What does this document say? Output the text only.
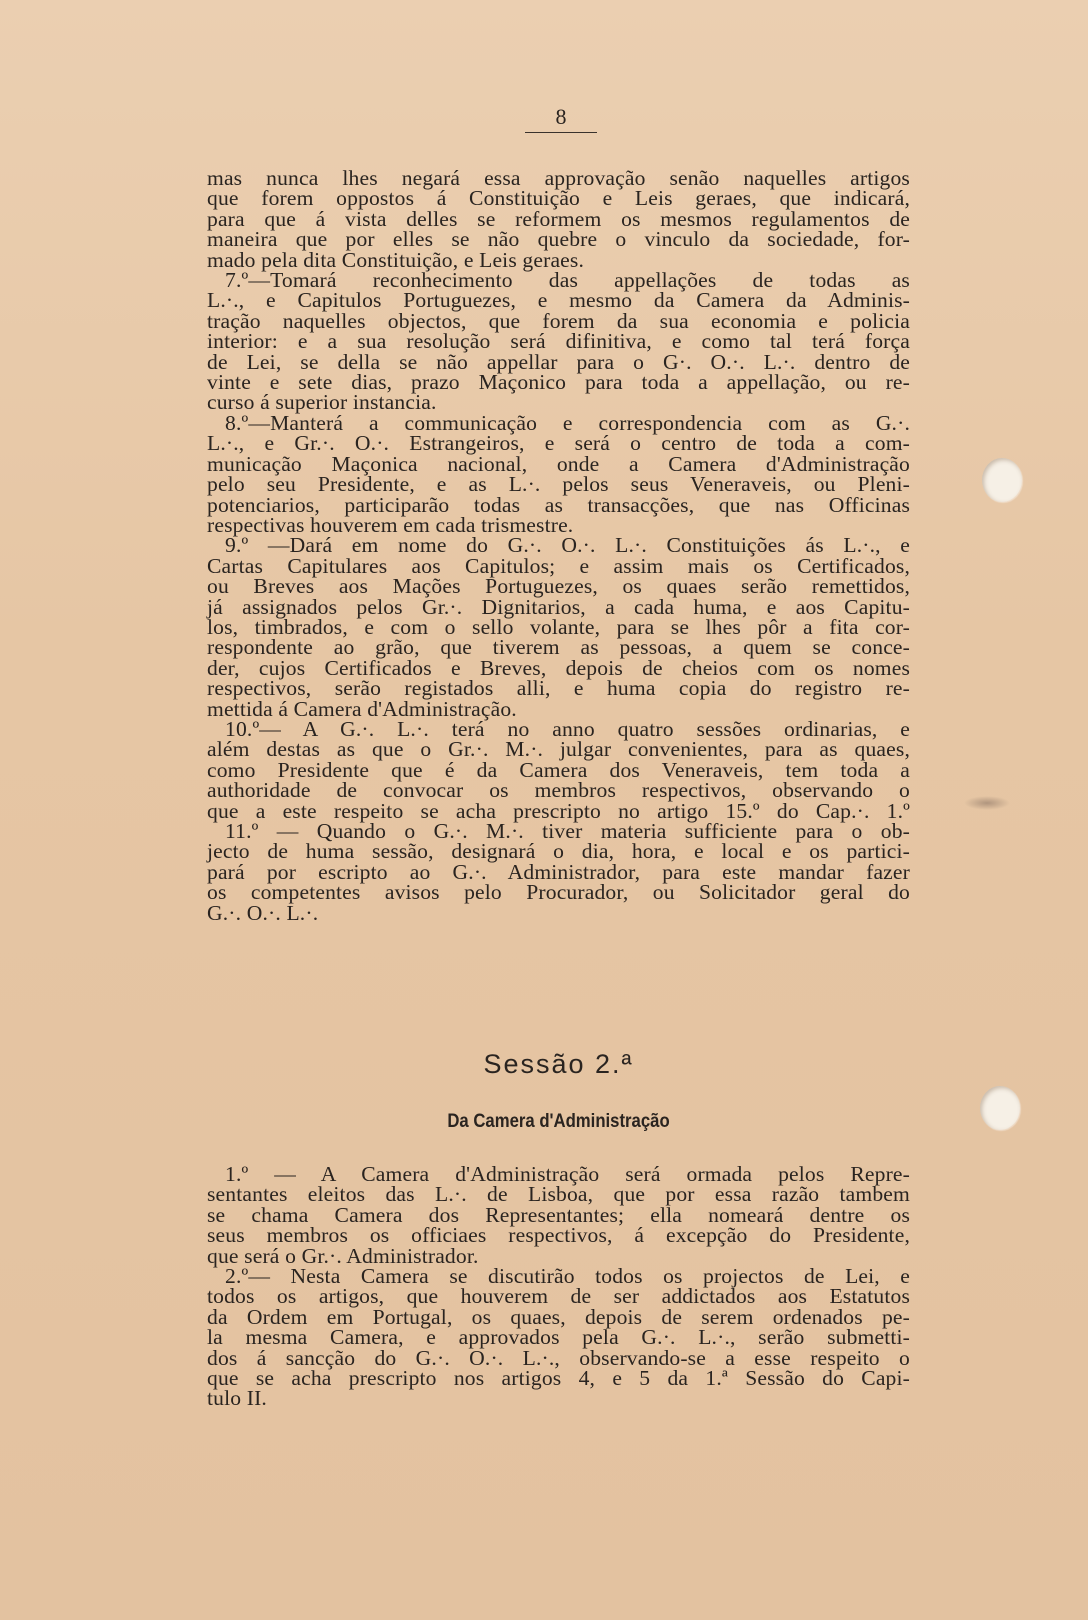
8
mas nunca lhes negará essa approvação senão naquelles artigos
que forem oppostos á Constituição e Leis geraes, que indicará,
para que á vista delles se reformem os mesmos regulamentos de
maneira que por elles se não quebre o vinculo da sociedade, for-
mado pela dita Constituição, e Leis geraes.
7.º—Tomará reconhecimento das appellações de todas as
L.·., e Capitulos Portuguezes, e mesmo da Camera da Adminis-
tração naquelles objectos, que forem da sua economia e policia
interior: e a sua resolução será difinitiva, e como tal terá força
de Lei, se della se não appellar para o G·. O.·. L.·. dentro de
vinte e sete dias, prazo Maçonico para toda a appellação, ou re-
curso á superior instancia.
8.º—Manterá a communicação e correspondencia com as G.·.
L.·., e Gr.·. O.·. Estrangeiros, e será o centro de toda a com-
municação Maçonica nacional, onde a Camera d'Administração
pelo seu Presidente, e as L.·. pelos seus Veneraveis, ou Pleni-
potenciarios, participarão todas as transacções, que nas Officinas
respectivas houverem em cada trismestre.
9.º —Dará em nome do G.·. O.·. L.·. Constituições ás L.·., e
Cartas Capitulares aos Capitulos; e assim mais os Certificados,
ou Breves aos Mações Portuguezes, os quaes serão remettidos,
já assignados pelos Gr.·. Dignitarios, a cada huma, e aos Capitu-
los, timbrados, e com o sello volante, para se lhes pôr a fita cor-
respondente ao grão, que tiverem as pessoas, a quem se conce-
der, cujos Certificados e Breves, depois de cheios com os nomes
respectivos, serão registados alli, e huma copia do registro re-
mettida á Camera d'Administração.
10.º— A G.·. L.·. terá no anno quatro sessões ordinarias, e
além destas as que o Gr.·. M.·. julgar convenientes, para as quaes,
como Presidente que é da Camera dos Veneraveis, tem toda a
authoridade de convocar os membros respectivos, observando o
que a este respeito se acha prescripto no artigo 15.º do Cap.·. 1.º
11.º — Quando o G.·. M.·. tiver materia sufficiente para o ob-
jecto de huma sessão, designará o dia, hora, e local e os partici-
pará por escripto ao G.·. Administrador, para este mandar fazer
os competentes avisos pelo Procurador, ou Solicitador geral do
G.·. O.·. L.·.
Sessão 2.ª
Da Camera d'Administração
1.º — A Camera d'Administração será ormada pelos Repre-
sentantes eleitos das L.·. de Lisboa, que por essa razão tambem
se chama Camera dos Representantes; ella nomeará dentre os
seus membros os officiaes respectivos, á excepção do Presidente,
que será o Gr.·. Administrador.
2.º— Nesta Camera se discutirão todos os projectos de Lei, e
todos os artigos, que houverem de ser addictados aos Estatutos
da Ordem em Portugal, os quaes, depois de serem ordenados pe-
la mesma Camera, e approvados pela G.·. L.·., serão submetti-
dos á sancção do G.·. O.·. L.·., observando-se a esse respeito o
que se acha prescripto nos artigos 4, e 5 da 1.ª Sessão do Capi-
tulo II.
